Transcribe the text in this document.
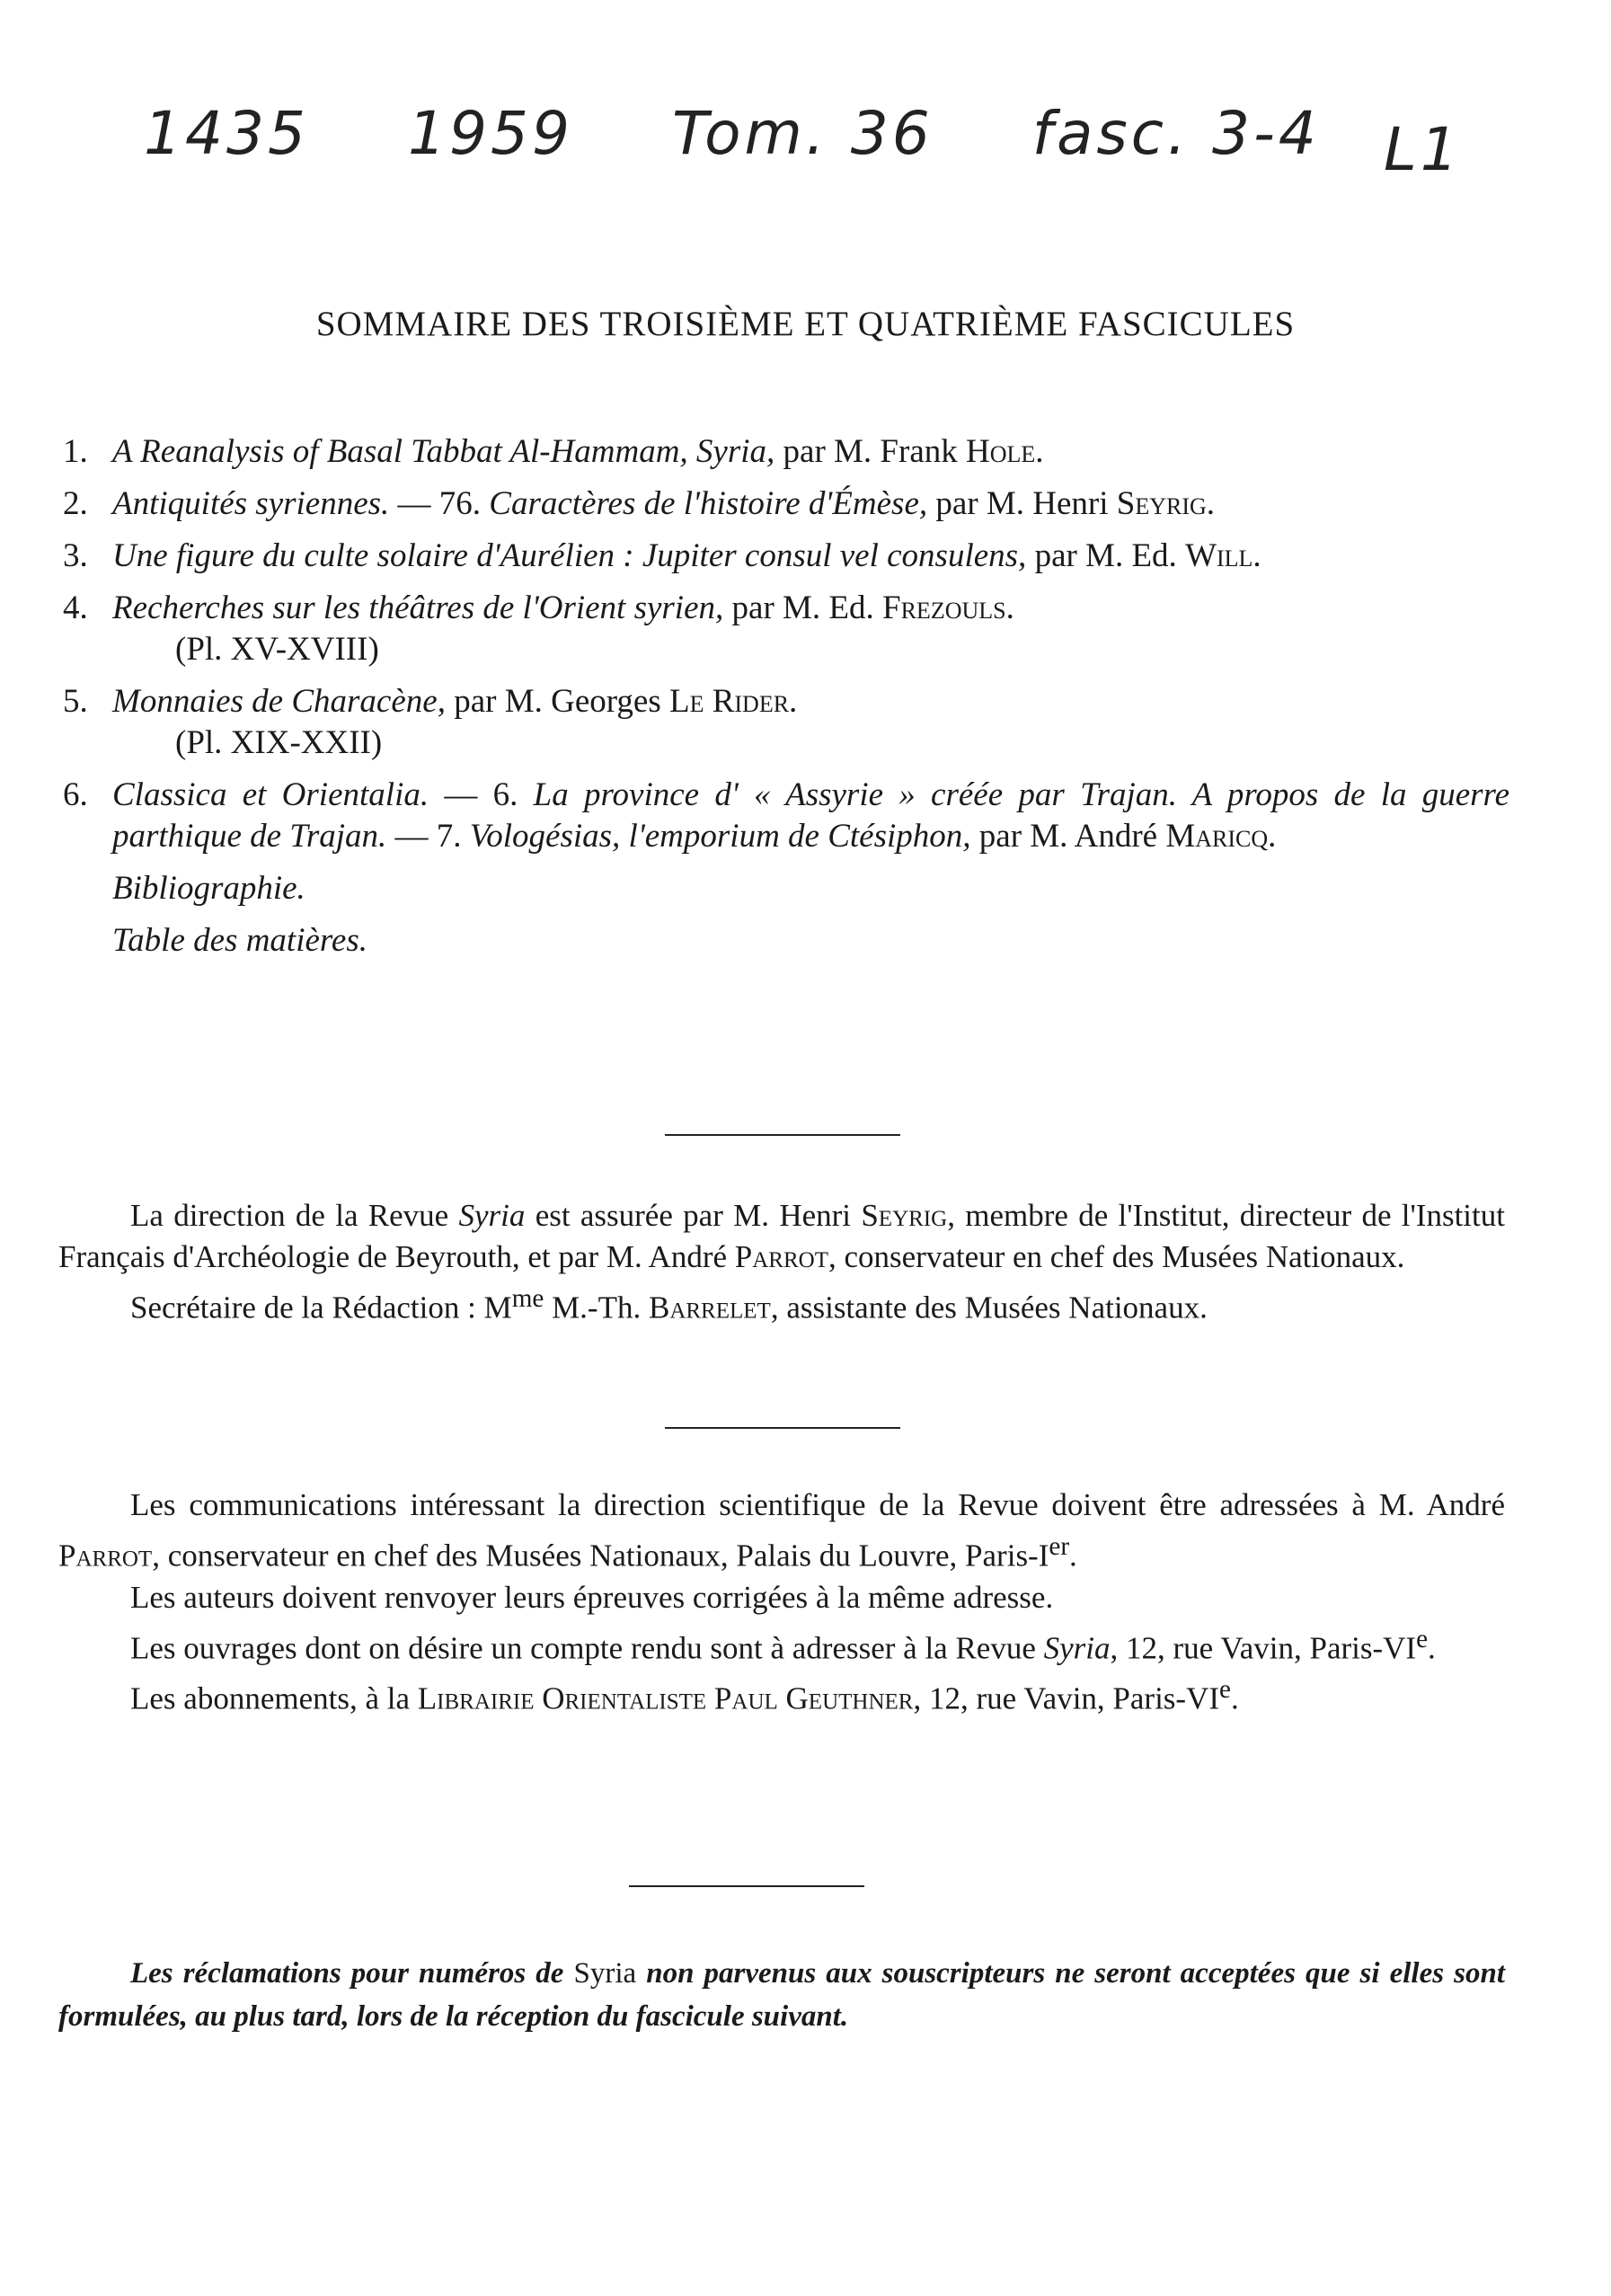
1435 1959 Tom. 36 fasc. 3-4 L1
SOMMAIRE DES TROISIÈME ET QUATRIÈME FASCICULES
1. A Reanalysis of Basal Tabbat Al-Hammam, Syria, par M. Frank Hole.
2. Antiquités syriennes. — 76. Caractères de l'histoire d'Émèse, par M. Henri Seyrig.
3. Une figure du culte solaire d'Aurélien : Jupiter consul vel consulens, par M. Ed. Will.
4. Recherches sur les théâtres de l'Orient syrien, par M. Ed. Frezouls.
(Pl. XV-XVIII)
5. Monnaies de Characène, par M. Georges Le Rider.
(Pl. XIX-XXII)
6. Classica et Orientalia. — 6. La province d' « Assyrie » créée par Trajan. A propos de la guerre parthique de Trajan. — 7. Vologésias, l'emporium de Ctésiphon, par M. André Maricq.
Bibliographie.
Table des matières.

La direction de la Revue Syria est assurée par M. Henri Seyrig, membre de l'Institut, directeur de l'Institut Français d'Archéologie de Beyrouth, et par M. André Parrot, conservateur en chef des Musées Nationaux.

Secrétaire de la Rédaction : $M^{me}$ M.-Th. Barrelet, assistante des Musées Nationaux.

Les communications intéressant la direction scientifique de la Revue doivent être adressées à M. André Parrot, conservateur en chef des Musées Nationaux, Palais du Louvre, Paris-Ier.

Les auteurs doivent renvoyer leurs épreuves corrigées à la même adresse.

Les ouvrages dont on désire un compte rendu sont à adresser à la Revue Syria, 12, rue Vavin, Paris-VIe.

Les abonnements, à la Librairie Orientaliste Paul Geuthner, 12, rue Vavin, Paris-VIe.

Les réclamations pour numéros de Syria non parvenus aux souscripteurs ne seront acceptées que si elles sont formulées, au plus tard, lors de la réception du fascicule suivant.
